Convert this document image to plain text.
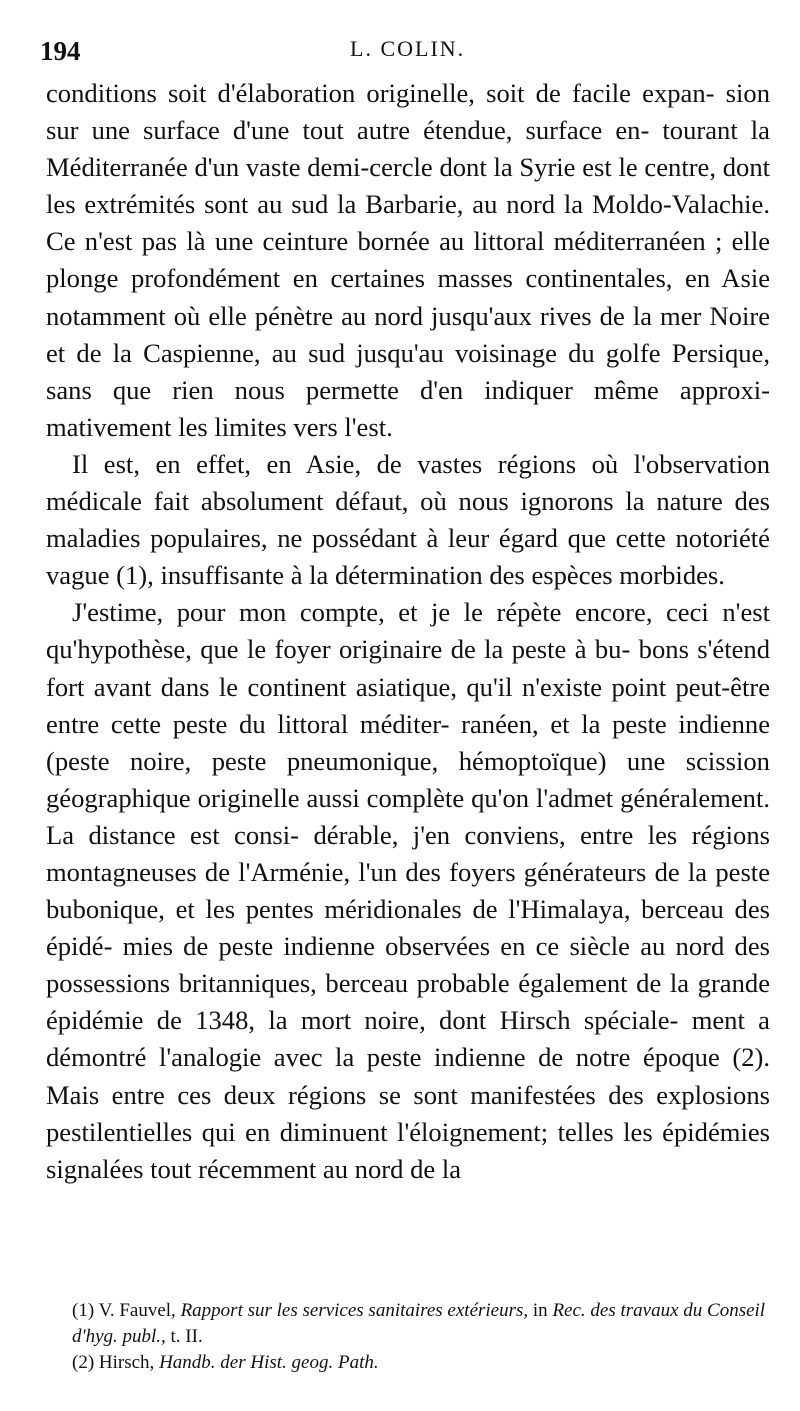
194	L. COLIN.

conditions soit d'élaboration originelle, soit de facile expan- sion sur une surface d'une tout autre étendue, surface en- tourant la Méditerranée d'un vaste demi-cercle dont la Syrie est le centre, dont les extrémités sont au sud la Barbarie, au nord la Moldo-Valachie. Ce n'est pas là une ceinture bornée au littoral méditerranéen ; elle plonge profondément en certaines masses continentales, en Asie notamment où elle pénètre au nord jusqu'aux rives de la mer Noire et de la Caspienne, au sud jusqu'au voisinage du golfe Persique, sans que rien nous permette d'en indiquer même approxi- mativement les limites vers l'est.

Il est, en effet, en Asie, de vastes régions où l'observation médicale fait absolument défaut, où nous ignorons la nature des maladies populaires, ne possédant à leur égard que cette notoriété vague (1), insuffisante à la détermination des espèces morbides.

J'estime, pour mon compte, et je le répète encore, ceci n'est qu'hypothèse, que le foyer originaire de la peste à bu- bons s'étend fort avant dans le continent asiatique, qu'il n'existe point peut-être entre cette peste du littoral méditer- ranéen, et la peste indienne (peste noire, peste pneumonique, hémoptoïque) une scission géographique originelle aussi complète qu'on l'admet généralement. La distance est consi- dérable, j'en conviens, entre les régions montagneuses de l'Arménie, l'un des foyers générateurs de la peste bubonique, et les pentes méridionales de l'Himalaya, berceau des épidé- mies de peste indienne observées en ce siècle au nord des possessions britanniques, berceau probable également de la grande épidémie de 1348, la mort noire, dont Hirsch spéciale- ment a démontré l'analogie avec la peste indienne de notre époque (2). Mais entre ces deux régions se sont manifestées des explosions pestilentielles qui en diminuent l'éloignement; telles les épidémies signalées tout récemment au nord de la

(1) V. Fauvel, Rapport sur les services sanitaires extérieurs, in Rec. des travaux du Conseil d'hyg. publ., t. II.
(2) Hirsch, Handb. der Hist. geog. Path.
